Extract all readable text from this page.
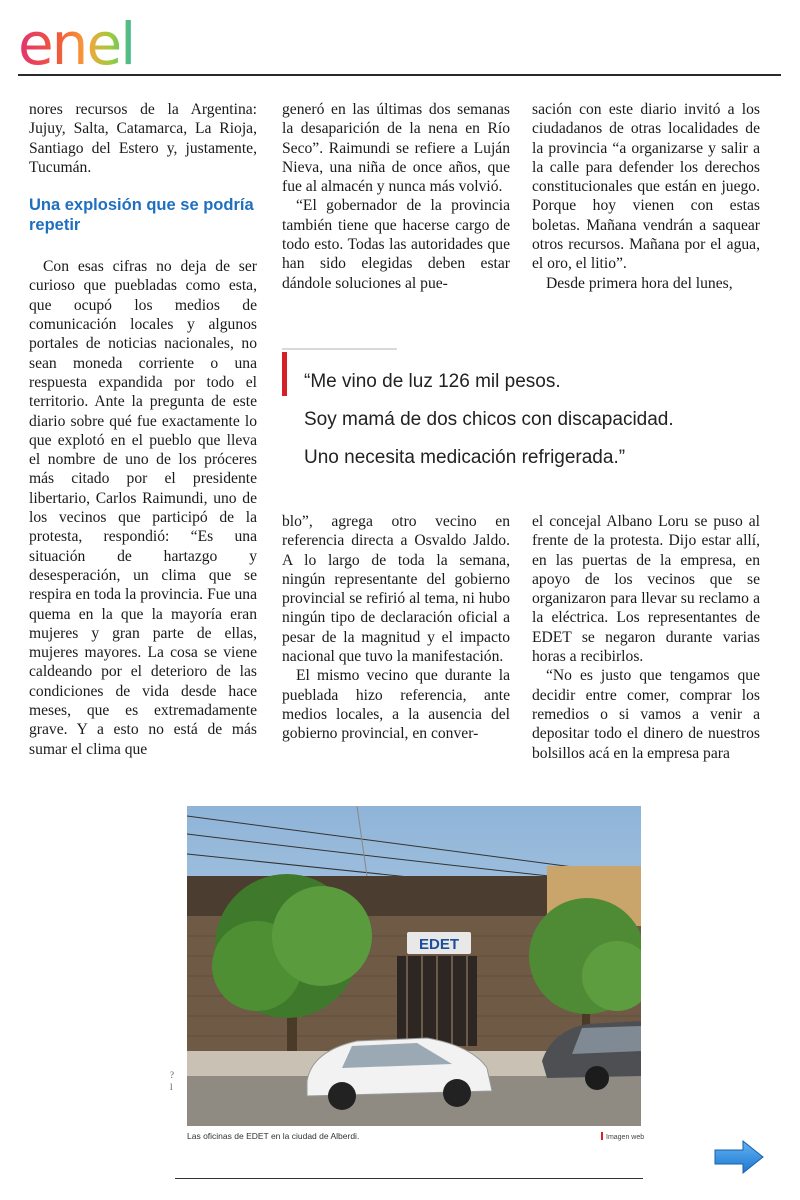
enel

nores recursos de la Argentina: Jujuy, Salta, Catamarca, La Rioja, Santiago del Estero y, justamente, Tucumán.

Una explosión que se podría repetir

Con esas cifras no deja de ser curioso que puebladas como esta, que ocupó los medios de comunicación locales y algunos portales de noticias nacionales, no sean moneda corriente o una respuesta expandida por todo el territorio. Ante la pregunta de este diario sobre qué fue exactamente lo que explotó en el pueblo que lleva el nombre de uno de los próceres más citado por el presidente libertario, Carlos Raimundi, uno de los vecinos que participó de la protesta, respondió: “Es una situación de hartazgo y desesperación, un clima que se respira en toda la provincia. Fue una quema en la que la mayoría eran mujeres y gran parte de ellas, mujeres mayores. La cosa se viene caldeando por el deterioro de las condiciones de vida desde hace meses, que es extremadamente grave. Y a esto no está de más sumar el clima que

generó en las últimas dos semanas la desaparición de la nena en Río Seco”. Raimundi se refiere a Luján Nieva, una niña de once años, que fue al almacén y nunca más volvió.

“El gobernador de la provincia también tiene que hacerse cargo de todo esto. Todas las autoridades que han sido elegidas deben estar dándole soluciones al pue-

sación con este diario invitó a los ciudadanos de otras localidades de la provincia “a organizarse y salir a la calle para defender los derechos constitucionales que están en juego. Porque hoy vienen con estas boletas. Mañana vendrán a saquear otros recursos. Mañana por el agua, el oro, el litio”.

Desde primera hora del lunes,

“Me vino de luz 126 mil pesos.
Soy mamá de dos chicos con discapacidad.
Uno necesita medicación refrigerada.”

blo”, agrega otro vecino en referencia directa a Osvaldo Jaldo. A lo largo de toda la semana, ningún representante del gobierno provincial se refirió al tema, ni hubo ningún tipo de declaración oficial a pesar de la magnitud y el impacto nacional que tuvo la manifestación.

El mismo vecino que durante la pueblada hizo referencia, ante medios locales, a la ausencia del gobierno provincial, en conver-

el concejal Albano Loru se puso al frente de la protesta. Dijo estar allí, en las puertas de la empresa, en apoyo de los vecinos que se organizaron para llevar su reclamo a la eléctrica. Los representantes de EDET se negaron durante varias horas a recibirlos.

“No es justo que tengamos que decidir entre comer, comprar los remedios o si vamos a venir a depositar todo el dinero de nuestros bolsillos acá en la empresa para

?
l
EDET
Las oficinas de EDET en la ciudad de Alberdi.	Imagen web
